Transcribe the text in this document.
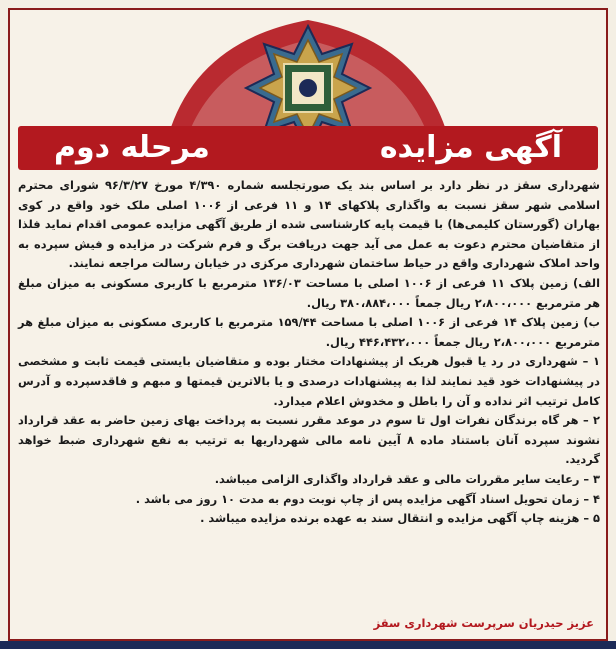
آگهی مزایده
مرحله دوم

شهرداری سقز در نظر دارد بر اساس بند یک صورتجلسه شماره ۴/۳۹۰ مورخ ۹۶/۳/۲۷ شورای محترم اسلامی شهر سقز نسبت به واگذاری پلاکهای ۱۴ و ۱۱ فرعی از ۱۰۰۶ اصلی ملک خود واقع در کوی بهاران (گورستان کلیمی‌ها) با قیمت پایه کارشناسی شده از طریق آگهی مزایده عمومی اقدام نماید فلذا از متقاضیان محترم دعوت به عمل می آید جهت دریافت برگ و فرم شرکت در مزایده و فیش سپرده به واحد املاک شهرداری واقع در حیاط ساختمان شهرداری مرکزی در خیابان رسالت مراجعه نمایند.

الف) زمین پلاک ۱۱ فرعی از ۱۰۰۶ اصلی با مساحت ۱۳۶/۰۳ مترمربع با کاربری مسکونی به میزان مبلغ هر مترمربع ۲،۸۰۰،۰۰۰ ریال جمعاً ۳۸۰،۸۸۴،۰۰۰ ریال.

ب) زمین پلاک ۱۴ فرعی از ۱۰۰۶ اصلی با مساحت ۱۵۹/۴۴ مترمربع با کاربری مسکونی به میزان مبلغ هر مترمربع ۲،۸۰۰،۰۰۰ ریال جمعاً ۴۴۶،۴۳۲،۰۰۰ ریال.

۱ – شهرداری در رد یا قبول هریک از پیشنهادات مختار بوده و متقاضیان بایستی قیمت ثابت و مشخصی در پیشنهادات خود قید نمایند لذا به پیشنهادات درصدی و یا بالاترین قیمتها و مبهم و فاقدسپرده و آدرس کامل ترتیب اثر نداده و آن را باطل و مخدوش اعلام میدارد.

۲ – هر گاه برندگان نفرات اول تا سوم در موعد مقرر نسبت به پرداخت بهای زمین حاضر به عقد قرارداد نشوند سپرده آنان باستناد ماده ۸ آیین نامه مالی شهرداریها به ترتیب به نفع شهرداری ضبط خواهد گردید.

۳ – رعایت سایر مقررات مالی و عقد قرارداد واگذاری الزامی میباشد.

۴ – زمان تحویل اسناد آگهی مزایده پس از چاپ نوبت دوم به مدت ۱۰ روز می باشد .

۵ – هزینه چاپ آگهی مزایده و انتقال سند به عهده برنده مزایده میباشد .

عزیز حیدریان سرپرست شهرداری سقز
